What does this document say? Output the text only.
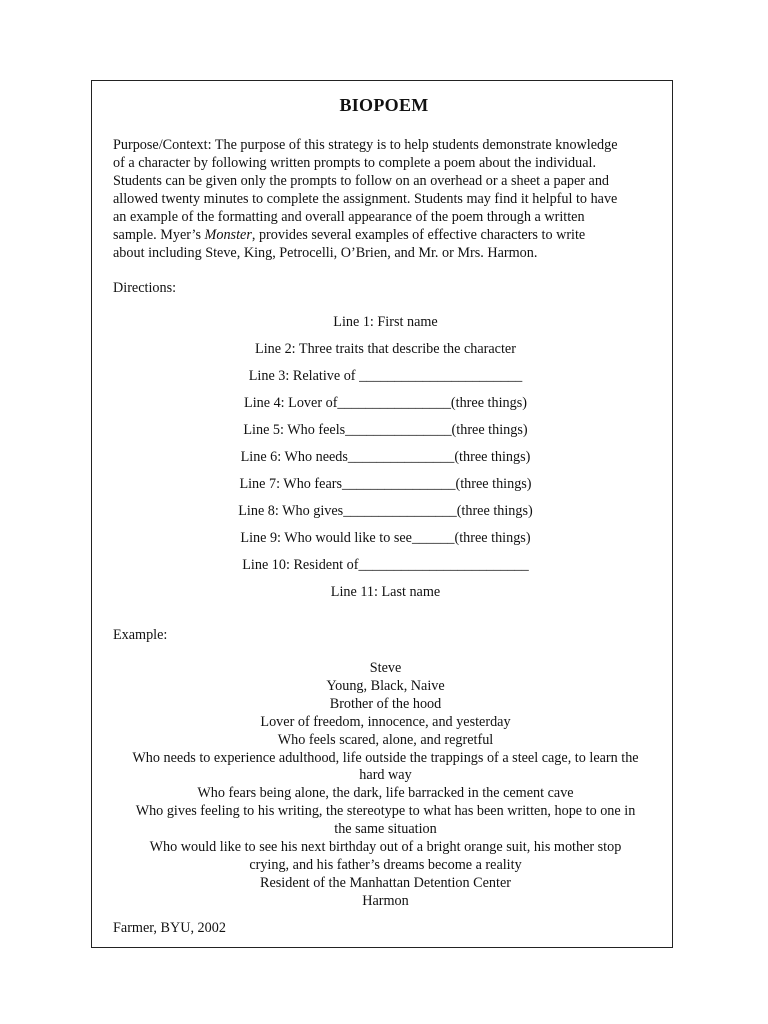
BIOPOEM

Purpose/Context: The purpose of this strategy is to help students demonstrate knowledge
of a character by following written prompts to complete a poem about the individual.
Students can be given only the prompts to follow on an overhead or a sheet a paper and
allowed twenty minutes to complete the assignment. Students may find it helpful to have
an example of the formatting and overall appearance of the poem through a written
sample. Myer’s Monster, provides several examples of effective characters to write
about including Steve, King, Petrocelli, O’Brien, and Mr. or Mrs. Harmon.

Directions:
Line 1: First name
Line 2: Three traits that describe the character
Line 3: Relative of _______________________
Line 4: Lover of________________(three things)
Line 5: Who feels_______________(three things)
Line 6: Who needs_______________(three things)
Line 7: Who fears________________(three things)
Line 8: Who gives________________(three things)
Line 9: Who would like to see______(three things)
Line 10: Resident of________________________
Line 11: Last name
Example:
Steve
Young, Black, Naive
Brother of the hood
Lover of freedom, innocence, and yesterday
Who feels scared, alone, and regretful
Who needs to experience adulthood, life outside the trappings of a steel cage, to learn the
hard way
Who fears being alone, the dark, life barracked in the cement cave
Who gives feeling to his writing, the stereotype to what has been written, hope to one in
the same situation
Who would like to see his next birthday out of a bright orange suit, his mother stop
crying, and his father’s dreams become a reality
Resident of the Manhattan Detention Center
Harmon
Farmer, BYU, 2002
